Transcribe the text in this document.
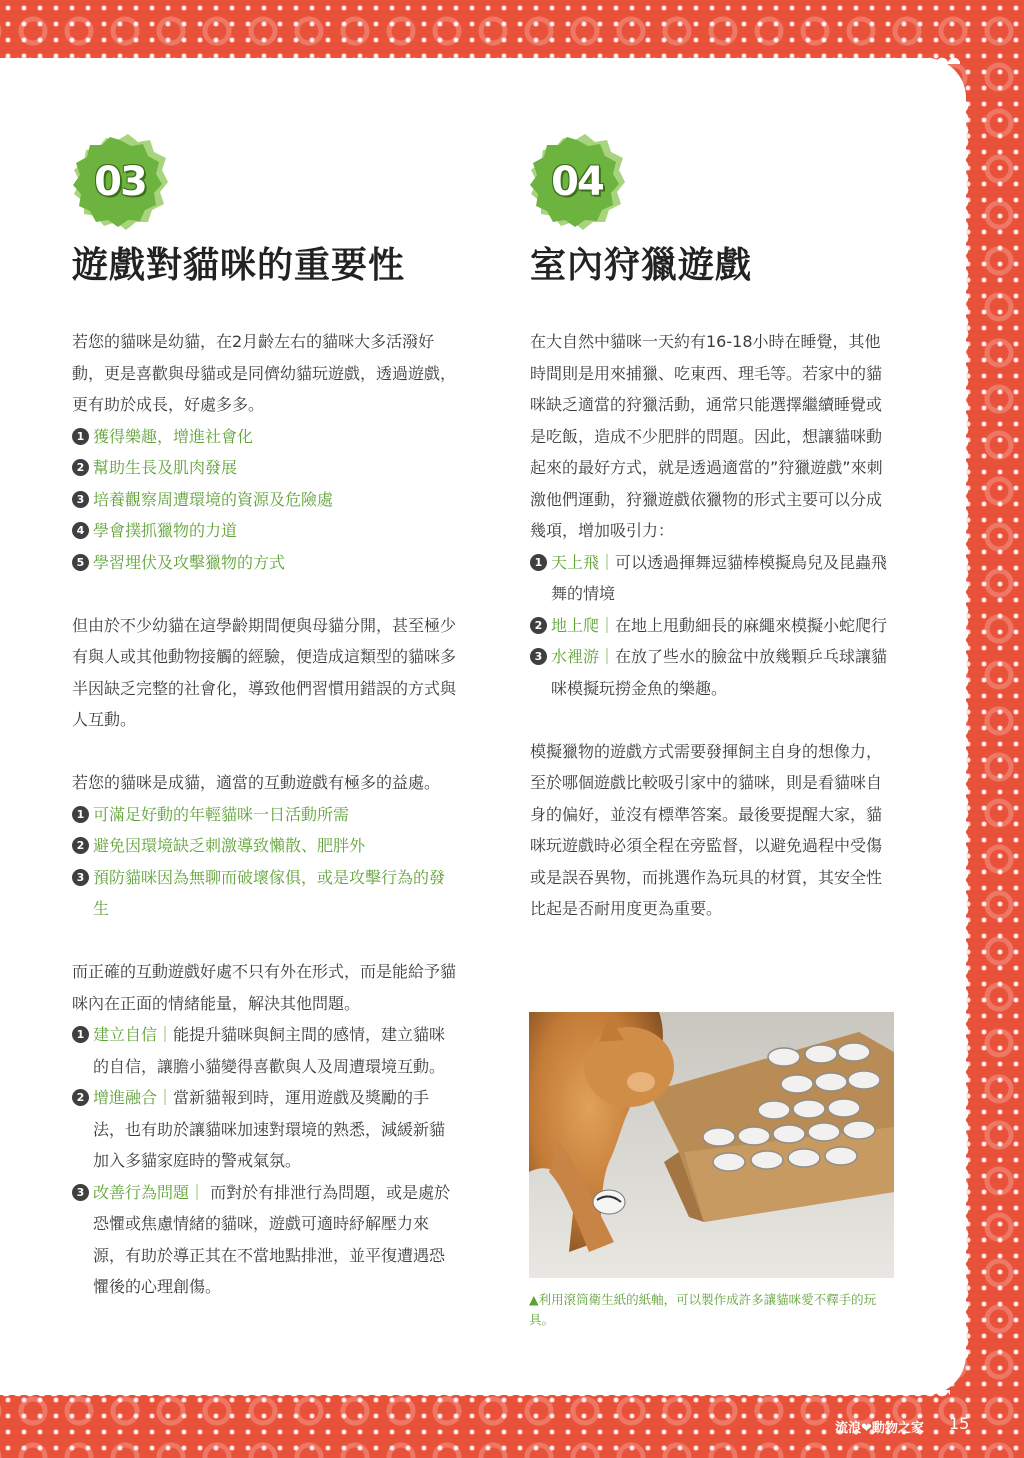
03
遊戲對貓咪的重要性

若您的貓咪是幼貓，在2月齡左右的貓咪大多活潑好動，更是喜歡與母貓或是同儕幼貓玩遊戲，透過遊戲，更有助於成長，好處多多。

1 獲得樂趣，增進社會化
2 幫助生長及肌肉發展
3 培養觀察周遭環境的資源及危險處
4 學會撲抓獵物的力道
5 學習埋伏及攻擊獵物的方式

但由於不少幼貓在這學齡期間便與母貓分開，甚至極少有與人或其他動物接觸的經驗，便造成這類型的貓咪多半因缺乏完整的社會化，導致他們習慣用錯誤的方式與人互動。

若您的貓咪是成貓，適當的互動遊戲有極多的益處。

1 可滿足好動的年輕貓咪一日活動所需
2 避免因環境缺乏刺激導致懶散、肥胖外
3 預防貓咪因為無聊而破壞傢俱，或是攻擊行為的發生

而正確的互動遊戲好處不只有外在形式，而是能給予貓咪內在正面的情緒能量，解決其他問題。

1 建立自信｜能提升貓咪與飼主間的感情，建立貓咪的自信，讓膽小貓變得喜歡與人及周遭環境互動。
2 增進融合｜當新貓報到時，運用遊戲及獎勵的手法，也有助於讓貓咪加速對環境的熟悉，減緩新貓加入多貓家庭時的警戒氣氛。
3 改善行為問題｜ 而對於有排泄行為問題，或是處於恐懼或焦慮情緒的貓咪，遊戲可適時紓解壓力來源，有助於導正其在不當地點排泄，並平復遭遇恐懼後的心理創傷。
04
室內狩獵遊戲

在大自然中貓咪一天約有16-18小時在睡覺，其他時間則是用來捕獵、吃東西、理毛等。若家中的貓咪缺乏適當的狩獵活動，通常只能選擇繼續睡覺或是吃飯，造成不少肥胖的問題。因此，想讓貓咪動起來的最好方式，就是透過適當的”狩獵遊戲”來刺激他們運動，狩獵遊戲依獵物的形式主要可以分成幾項，增加吸引力：

1 天上飛｜可以透過揮舞逗貓棒模擬鳥兒及昆蟲飛舞的情境
2 地上爬｜在地上甩動細長的麻繩來模擬小蛇爬行
3 水裡游｜在放了些水的臉盆中放幾顆乒乓球讓貓咪模擬玩撈金魚的樂趣。

模擬獵物的遊戲方式需要發揮飼主自身的想像力，至於哪個遊戲比較吸引家中的貓咪，則是看貓咪自身的偏好，並沒有標準答案。最後要提醒大家，貓咪玩遊戲時必須全程在旁監督，以避免過程中受傷或是誤吞異物，而挑選作為玩具的材質，其安全性比起是否耐用度更為重要。

▲利用滾筒衛生紙的紙軸，可以製作成許多讓貓咪愛不釋手的玩具。

流浪❤動物之家 15
